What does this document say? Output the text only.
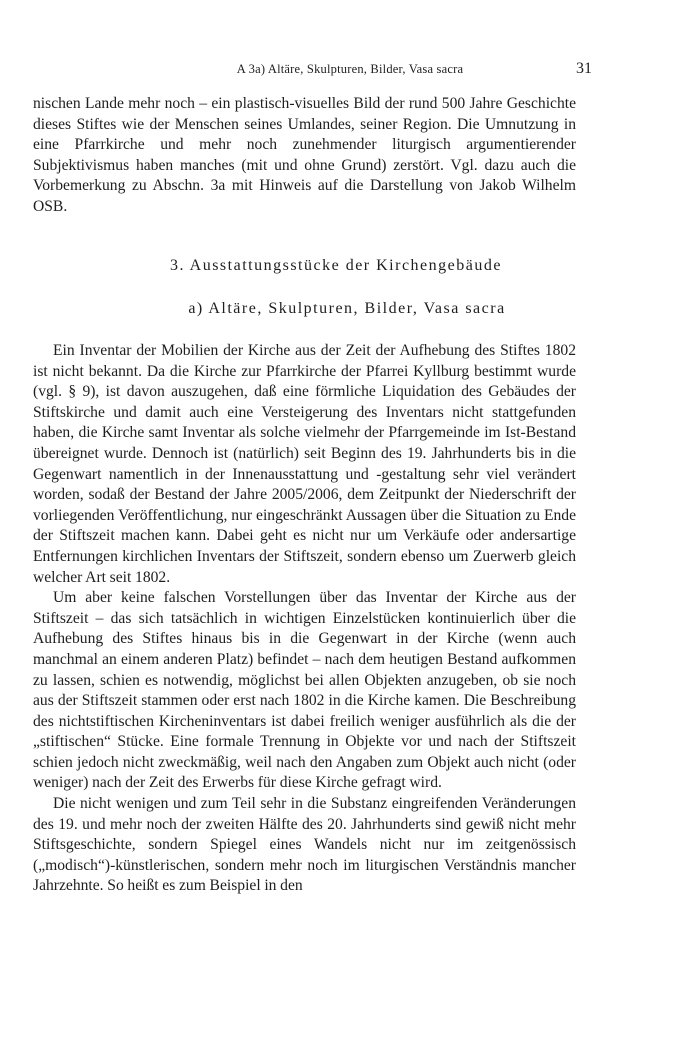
A 3a) Altäre, Skulpturen, Bilder, Vasa sacra	31

nischen Lande mehr noch – ein plastisch-visuelles Bild der rund 500 Jahre Geschichte dieses Stiftes wie der Menschen seines Umlandes, seiner Region. Die Umnutzung in eine Pfarrkirche und mehr noch zunehmender liturgisch argumentierender Subjektivismus haben manches (mit und ohne Grund) zerstört. Vgl. dazu auch die Vorbemerkung zu Abschn. 3a mit Hinweis auf die Darstellung von Jakob Wilhelm OSB.

3. Ausstattungsstücke der Kirchengebäude
a) Altäre, Skulpturen, Bilder, Vasa sacra

Ein Inventar der Mobilien der Kirche aus der Zeit der Aufhebung des Stiftes 1802 ist nicht bekannt. Da die Kirche zur Pfarrkirche der Pfarrei Kyllburg bestimmt wurde (vgl. § 9), ist davon auszugehen, daß eine förmliche Liquidation des Gebäudes der Stiftskirche und damit auch eine Versteigerung des Inventars nicht stattgefunden haben, die Kirche samt Inventar als solche vielmehr der Pfarrgemeinde im Ist-Bestand übereignet wurde. Dennoch ist (natürlich) seit Beginn des 19. Jahrhunderts bis in die Gegenwart namentlich in der Innenausstattung und -gestaltung sehr viel verändert worden, sodaß der Bestand der Jahre 2005/2006, dem Zeitpunkt der Niederschrift der vorliegenden Veröffentlichung, nur eingeschränkt Aussagen über die Situation zu Ende der Stiftszeit machen kann. Dabei geht es nicht nur um Verkäufe oder andersartige Entfernungen kirchlichen Inventars der Stiftszeit, sondern ebenso um Zuerwerb gleich welcher Art seit 1802.

Um aber keine falschen Vorstellungen über das Inventar der Kirche aus der Stiftszeit – das sich tatsächlich in wichtigen Einzelstücken kontinuierlich über die Aufhebung des Stiftes hinaus bis in die Gegenwart in der Kirche (wenn auch manchmal an einem anderen Platz) befindet – nach dem heutigen Bestand aufkommen zu lassen, schien es notwendig, möglichst bei allen Objekten anzugeben, ob sie noch aus der Stiftszeit stammen oder erst nach 1802 in die Kirche kamen. Die Beschreibung des nichtstiftischen Kircheninventars ist dabei freilich weniger ausführlich als die der „stiftischen“ Stücke. Eine formale Trennung in Objekte vor und nach der Stiftszeit schien jedoch nicht zweckmäßig, weil nach den Angaben zum Objekt auch nicht (oder weniger) nach der Zeit des Erwerbs für diese Kirche gefragt wird.

Die nicht wenigen und zum Teil sehr in die Substanz eingreifenden Veränderungen des 19. und mehr noch der zweiten Hälfte des 20. Jahrhunderts sind gewiß nicht mehr Stiftsgeschichte, sondern Spiegel eines Wandels nicht nur im zeitgenössisch („modisch“)-künstlerischen, sondern mehr noch im liturgischen Verständnis mancher Jahrzehnte. So heißt es zum Beispiel in den
